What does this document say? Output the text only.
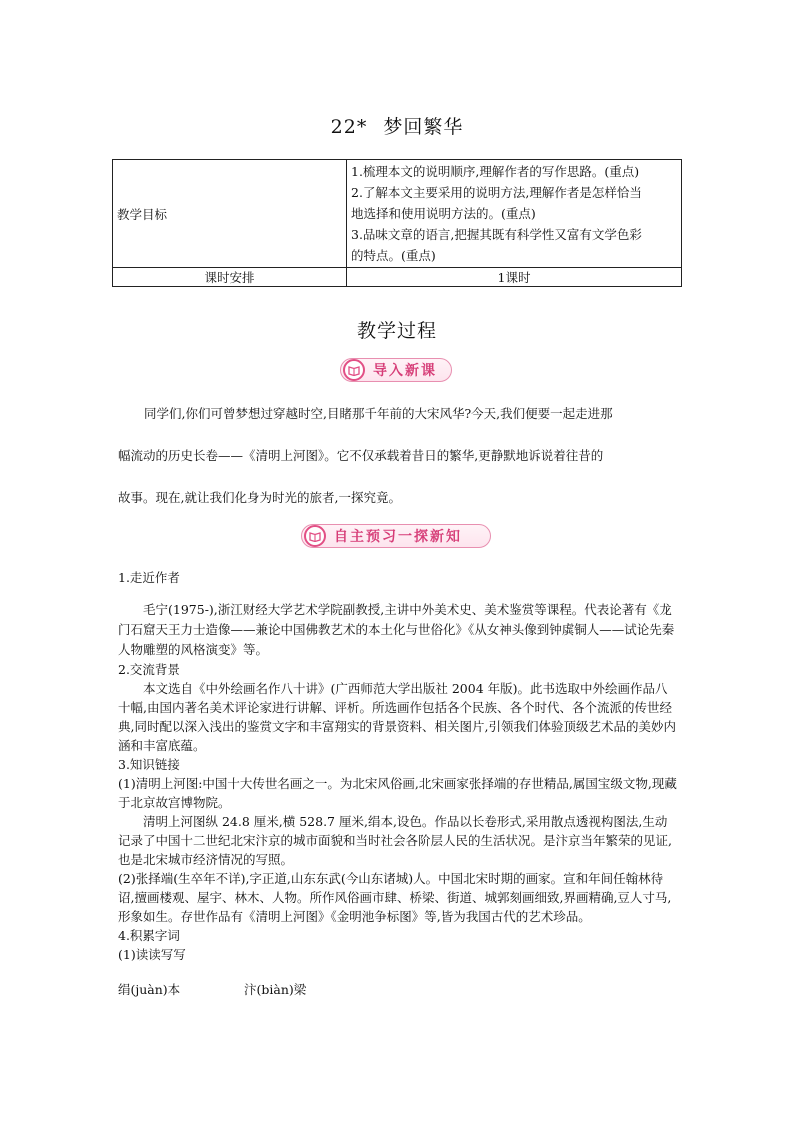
22* 梦回繁华
教学目标	1.梳理本文的说明顺序,理解作者的写作思路。(重点)
2.了解本文主要采用的说明方法,理解作者是怎样恰当
地选择和使用说明方法的。(重点)
3.品味文章的语言,把握其既有科学性又富有文学色彩
的特点。(重点)

课时安排	1课时
教学过程
导入新课

同学们,你们可曾梦想过穿越时空,目睹那千年前的大宋风华?今天,我们便要一起走进那

幅流动的历史长卷——《清明上河图》。它不仅承载着昔日的繁华,更静默地诉说着往昔的

故事。现在,就让我们化身为时光的旅者,一探究竟。

自主预习一探新知

1.走近作者

毛宁(1975-),浙江财经大学艺术学院副教授,主讲中外美术史、美术鉴赏等课程。代表论著有《龙门石窟天王力士造像——兼论中国佛教艺术的本土化与世俗化》《从女神头像到钟虡铜人——试论先秦人物雕塑的风格演变》等。

2.交流背景

本文选自《中外绘画名作八十讲》(广西师范大学出版社 2004 年版)。此书选取中外绘画作品八十幅,由国内著名美术评论家进行讲解、评析。所选画作包括各个民族、各个时代、各个流派的传世经典,同时配以深入浅出的鉴赏文字和丰富翔实的背景资料、相关图片,引领我们体验顶级艺术品的美妙内涵和丰富底蕴。

3.知识链接

(1)清明上河图:中国十大传世名画之一。为北宋风俗画,北宋画家张择端的存世精品,属国宝级文物,现藏于北京故宫博物院。

清明上河图纵 24.8 厘米,横 528.7 厘米,绢本,设色。作品以长卷形式,采用散点透视构图法,生动记录了中国十二世纪北宋汴京的城市面貌和当时社会各阶层人民的生活状况。是汴京当年繁荣的见证,也是北宋城市经济情况的写照。

(2)张择端(生卒年不详),字正道,山东东武(今山东诸城)人。中国北宋时期的画家。宣和年间任翰林待诏,擅画楼观、屋宇、林木、人物。所作风俗画市肆、桥梁、街道、城郭刻画细致,界画精确,豆人寸马,形象如生。存世作品有《清明上河图》《金明池争标图》等,皆为我国古代的艺术珍品。

4.积累字词

(1)读读写写

绢(juàn)本	汴(biàn)梁
